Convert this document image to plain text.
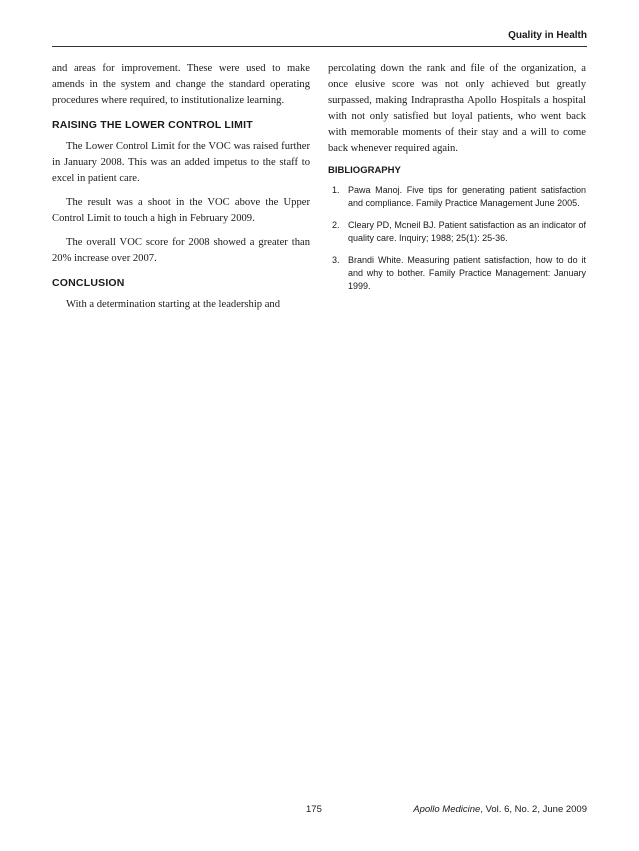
Quality in Health

and areas for improvement. These were used to make amends in the system and change the standard operating procedures where required, to institutionalize learning.

RAISING THE LOWER CONTROL LIMIT

The Lower Control Limit for the VOC was raised further in January 2008. This was an added impetus to the staff to excel in patient care.

The result was a shoot in the VOC above the Upper Control Limit to touch a high in February 2009.

The overall VOC score for 2008 showed a greater than 20% increase over 2007.

CONCLUSION

With a determination starting at the leadership and

percolating down the rank and file of the organization, a once elusive score was not only achieved but greatly surpassed, making Indraprastha Apollo Hospitals a hospital with not only satisfied but loyal patients, who went back with memorable moments of their stay and a will to come back whenever required again.

BIBLIOGRAPHY
1. Pawa Manoj. Five tips for generating patient satisfaction and compliance. Family Practice Management June 2005.
2. Cleary PD, Mcneil BJ. Patient satisfaction as an indicator of quality care. Inquiry; 1988; 25(1): 25-36.
3. Brandi White. Measuring patient satisfaction, how to do it and why to bother. Family Practice Management: January 1999.
175	Apollo Medicine, Vol. 6, No. 2, June 2009
